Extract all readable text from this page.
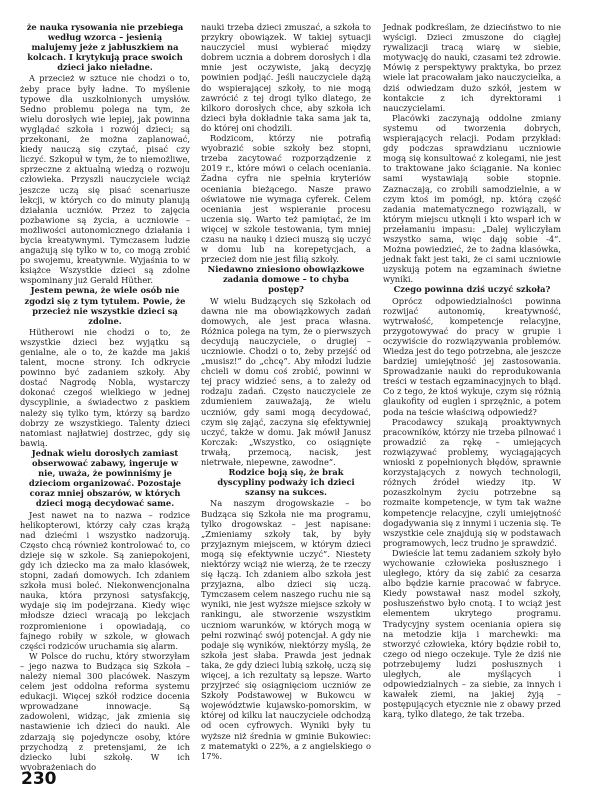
że nauka rysowania nie przebiega według wzorca – jesienią malujemy jeże z jabłuszkiem na kolcach. I krytykują prace swoich dzieci jako nieładne.

A przecież w sztuce nie chodzi o to, żeby prace były ładne. To myślenie typowe dla uszkolnionych umysłów. Sedno problemu polega na tym, że wielu dorosłych wie lepiej, jak powinna wyglądać szkoła i rozwój dzieci; są przekonani, że można zaplanować, kiedy nauczą się czytać, pisać czy liczyć. Szkopuł w tym, że to niemożliwe, sprzeczne z aktualną wiedzą o rozwoju człowieka. Przyszli nauczyciele wciąż jeszcze uczą się pisać scenariusze lekcji, w których co do minuty planują działania uczniów. Przez to zajęcia pozbawione są życia, a uczniowie – możliwości autonomicznego działania i bycia kreatywnymi. Tymczasem ludzie angażują się tylko w to, co mogą zrobić po swojemu, kreatywnie. Wyjaśnia to w książce Wszystkie dzieci są zdolne wspominany już Gerald Hüther.

Jestem pewna, że wiele osób nie zgodzi się z tym tytułem. Powie, że przecież nie wszystkie dzieci są zdolne.

Hütherowi nie chodzi o to, że wszystkie dzieci bez wyjątku są genialne, ale o to, że każde ma jakiś talent, mocne strony. Ich odkrycie powinno być zadaniem szkoły. Aby dostać Nagrodę Nobla, wystarczy dokonać czegoś wielkiego w jednej dyscyplinie, a świadectwo z paskiem należy się tylko tym, którzy są bardzo dobrzy ze wszystkiego. Talenty dzieci natomiast najłatwiej dostrzec, gdy się bawią.

Jednak wielu dorosłych zamiast obserwować zabawy, ingeruje w nie, uważa, że powinniśmy je dzieciom organizować. Pozostaje coraz mniej obszarów, w których dzieci mogą decydować same.

Jest nawet na to nazwa – rodzice helikopterowi, którzy cały czas krążą nad dziećmi i wszystko nadzorują. Często chcą również kontrolować to, co dzieje się w szkole. Są zaniepokojeni, gdy ich dziecko ma za mało klasówek, stopni, zadań domowych. Ich zdaniem szkoła musi boleć. Niekonwencjonalna nauka, która przynosi satysfakcję, wydaje się im podejrzana. Kiedy więc młodsze dzieci wracają po lekcjach rozpromienione i opowiadają, co fajnego robiły w szkole, w głowach części rodziców uruchamia się alarm.

W Polsce do ruchu, który stworzyłam – jego nazwa to Budząca się Szkoła – należy niemal 300 placówek. Naszym celem jest oddolna reforma systemu edukacji. Więcej szkół rodzice docenia wprowadzane innowacje. Są zadowoleni, widząc, jak zmienia się nastawienie ich dzieci do nauki. Ale zdarzają się pojedyncze osoby, które przychodzą z pretensjami, że ich dziecko lubi szkołę. W ich wyobrażeniach do

nauki trzeba dzieci zmuszać, a szkoła to przykry obowiązek. W takiej sytuacji nauczyciel musi wybierać między dobrem ucznia a dobrem dorosłych i dla mnie jest oczywiste, jaką decyzję powinien podjąć. Jeśli nauczyciele dążą do wspierającej szkoły, to nie mogą zawrócić z tej drogi tylko dlatego, że kilkoro dorosłych chce, aby szkoła ich dzieci była dokładnie taka sama jak ta, do której oni chodzili.

Rodzicom, którzy nie potrafią wyobrazić sobie szkoły bez stopni, trzeba zacytować rozporządzenie z 2019 r., które mówi o celach oceniania. Żadna cyfra nie spełnia kryteriów oceniania bieżącego. Nasze prawo oświatowe nie wymaga cyferek. Celem oceniania jest wspieranie procesu uczenia się. Warto też pamiętać, że im więcej w szkole testowania, tym mniej czasu na naukę i dzieci muszą się uczyć w domu lub na korepetycjach, a przecież dom nie jest filią szkoły.

Niedawno zniesiono obowiązkowe zadania domowe – to chyba postęp?

W wielu Budzących się Szkołach od dawna nie ma obowiązkowych zadań domowych, ale jest praca własna. Różnica polega na tym, że o pierwszych decydują nauczyciele, o drugiej – uczniowie. Chodzi o to, żeby przejść od „musisz!” do „chcę”. Aby młodzi ludzie chcieli w domu coś zrobić, powinni w tej pracy widzieć sens, a to zależy od rodzaju zadań. Często nauczyciele ze zdumieniem zauważają, że wielu uczniów, gdy sami mogą decydować, czym się zająć, zaczyna się efektywniej uczyć, także w domu. Jak mówił Janusz Korczak: „Wszystko, co osiągnięte trwałą, przemocą, nacisk, jest nietrwałe, niepewne, zawodne”.

Rodzice boją się, że brak dyscypliny podważy ich dzieci szansy na sukces.

Na naszym drogowskazie – bo Budząca się Szkoła nie ma programu, tylko drogowskaz – jest napisane: „Zmieniamy szkoły tak, by były przyjaznym miejscem, w którym dzieci mogą się efektywnie uczyć”. Niestety niektórzy wciąż nie wierzą, że te rzeczy się łączą. Ich zdaniem albo szkoła jest przyjazna, albo dzieci się uczą. Tymczasem celem naszego ruchu nie są wyniki, nie jest wyższe miejsce szkoły w rankingu, ale stworzenie wszystkim uczniom warunków, w których mogą w pełni rozwinąć swój potencjał. A gdy nie podaje się wyników, niektórzy myślą, że szkoła jest słaba. Prawda jest jednak taka, że gdy dzieci lubią szkołę, uczą się więcej, a ich rezultaty są lepsze. Warto przyjrzeć się osiągnięciom uczniów ze Szkoły Podstawowej w Bukowcu w województwie kujawsko-pomorskim, w której od kilku lat nauczyciele odchodzą od ocen cyfrowych. Wyniki były tu wyższe niż średnia w gminie Bukowiec: z matematyki o 22%, a z angielskiego o 17%.

Jednak podkreślam, że dzieciństwo to nie wyścigi. Dzieci zmuszone do ciągłej rywalizacji tracą wiarę w siebie, motywację do nauki, czasami też zdrowie. Mówię z perspektywy praktyka, bo przez wiele lat pracowałam jako nauczycielka, a dziś odwiedzam dużo szkół, jestem w kontakcie z ich dyrektorami i nauczycielami.

Placówki zaczynają oddolne zmiany systemu od tworzenia dobrych, wspierających relacji. Podam przykład: gdy podczas sprawdzianu uczniowie mogą się konsultować z kolegami, nie jest to traktowane jako ściąganie. Na koniec sami wystawiają sobie stopnie. Zaznaczają, co zrobili samodzielnie, a w czym ktoś im pomógł, np. którą część zadania matematycznego rozwiązali, w którym miejscu utknęli i kto wsparł ich w przełamaniu impasu: „Dalej wyliczyłam wszystko sama, więc daję sobie -4”. Można powiedzieć, że to żadna klasówka, jednak fakt jest taki, że ci sami uczniowie uzyskują potem na egzaminach świetne wyniki.

Czego powinna dziś uczyć szkoła?

Oprócz odpowiedzialności powinna rozwijać autonomię, kreatywność, wytrwałość, kompetencje relacyjne, przygotowywać do pracy w grupie i oczywiście do rozwiązywania problemów. Wiedza jest do tego potrzebna, ale jeszcze bardziej umiejętność jej zastosowania. Sprowadzanie nauki do reprodukowania treści w testach egzaminacyjnych to błąd. Co z tego, że ktoś wykuje, czym się różnią glaukofity od euglen i sprzężnic, a potem poda na teście właściwą odpowiedź?

Pracodawcy szukają proaktywnych pracowników, którzy nie trzeba pilnować i prowadzić za rękę – umiejących rozwiązywać problemy, wyciągających wnioski z popełnionych błędów, sprawnie korzystających z nowych technologii, różnych źródeł wiedzy itp. W pozaszkolnym życiu potrzebne są rozmaite kompetencje, w tym tak ważne kompetencje relacyjne, czyli umiejętność dogadywania się z innymi i uczenia się. Te wszystkie cele znajdują się w podstawach programowych, lecz trudno je sprawdzić.

Dwieście lat temu zadaniem szkoły było wychowanie człowieka posłusznego i uległego, który da się zabić za cesarza albo będzie karnie pracować w fabryce. Kiedy powstawał nasz model szkoły, posłuszeństwo było cnotą. I to wciąż jest elementem ukrytego programu. Tradycyjny system oceniania opiera się na metodzie kija i marchewki: ma stworzyć człowieka, który będzie robił to, czego od niego oczekuje. Tyle że dziś nie potrzebujemy ludzi posłusznych i uległych, ale myślących i odpowiedzialnych – za siebie, za innych i kawałek ziemi, na jakiej żyją – postępujących etycznie nie z obawy przed karą, tylko dlatego, że tak trzeba.

230
